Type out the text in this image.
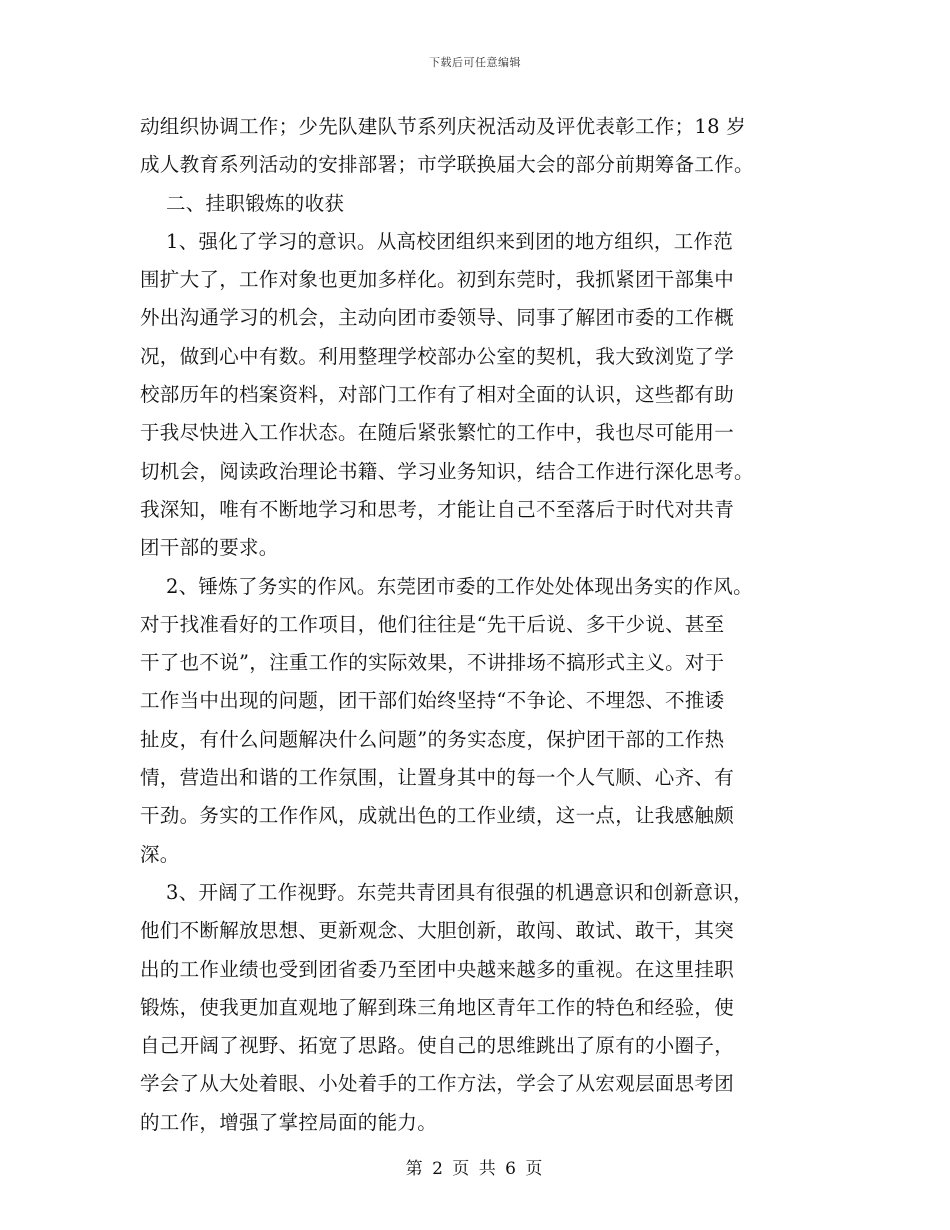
下载后可任意编辑
动组织协调工作；少先队建队节系列庆祝活动及评优表彰工作；18 岁
成人教育系列活动的安排部署；市学联换届大会的部分前期筹备工作。
二、挂职锻炼的收获
1、强化了学习的意识。从高校团组织来到团的地方组织，工作范
围扩大了，工作对象也更加多样化。初到东莞时，我抓紧团干部集中
外出沟通学习的机会，主动向团市委领导、同事了解团市委的工作概
况，做到心中有数。利用整理学校部办公室的契机，我大致浏览了学
校部历年的档案资料，对部门工作有了相对全面的认识，这些都有助
于我尽快进入工作状态。在随后紧张繁忙的工作中，我也尽可能用一
切机会，阅读政治理论书籍、学习业务知识，结合工作进行深化思考。
我深知，唯有不断地学习和思考，才能让自己不至落后于时代对共青
团干部的要求。
2、锤炼了务实的作风。东莞团市委的工作处处体现出务实的作风。
对于找准看好的工作项目，他们往往是“先干后说、多干少说、甚至
干了也不说”，注重工作的实际效果，不讲排场不搞形式主义。对于
工作当中出现的问题，团干部们始终坚持“不争论、不埋怨、不推诿
扯皮，有什么问题解决什么问题”的务实态度，保护团干部的工作热
情，营造出和谐的工作氛围，让置身其中的每一个人气顺、心齐、有
干劲。务实的工作作风，成就出色的工作业绩，这一点，让我感触颇
深。
3、开阔了工作视野。东莞共青团具有很强的机遇意识和创新意识，
他们不断解放思想、更新观念、大胆创新，敢闯、敢试、敢干，其突
出的工作业绩也受到团省委乃至团中央越来越多的重视。在这里挂职
锻炼，使我更加直观地了解到珠三角地区青年工作的特色和经验，使
自己开阔了视野、拓宽了思路。使自己的思维跳出了原有的小圈子，
学会了从大处着眼、小处着手的工作方法，学会了从宏观层面思考团
的工作，增强了掌控局面的能力。
第 2 页 共 6 页
